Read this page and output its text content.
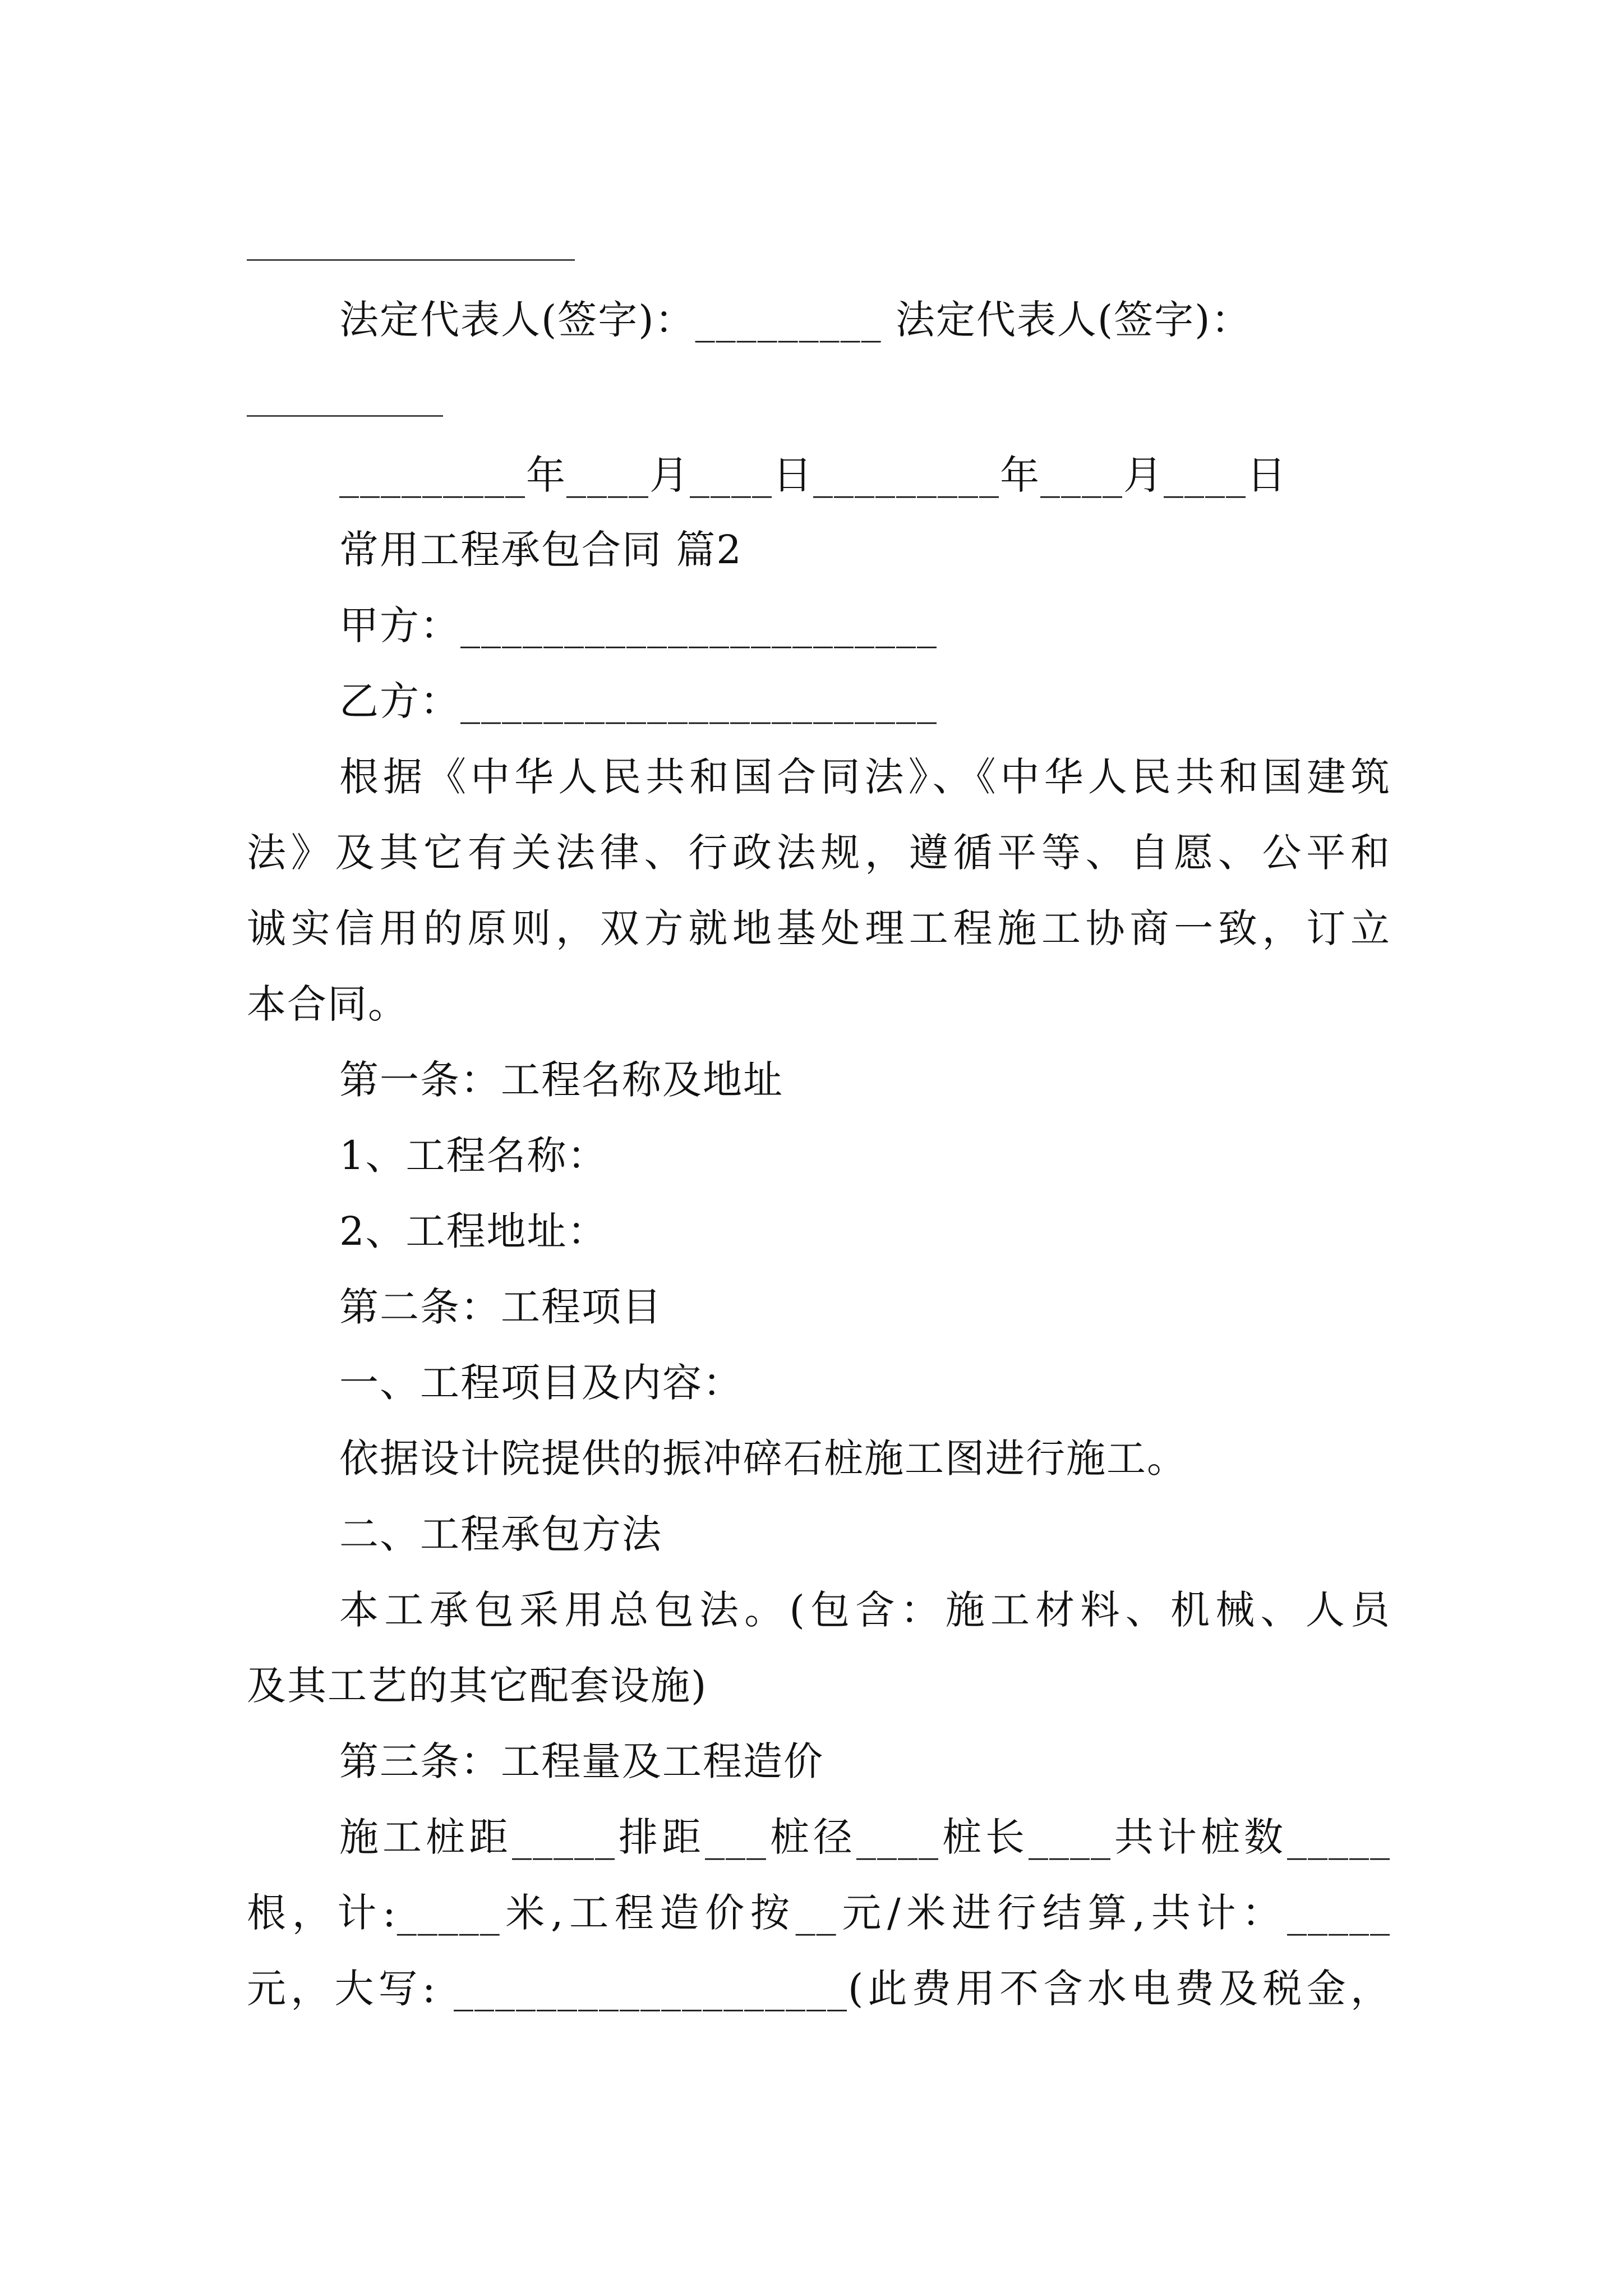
法定代表人(签字)：_________ 法定代表人(签字)：
_________年____月____日_________年____月____日
常用工程承包合同 篇2
甲方：_______________________
乙方：_______________________
根据《中华人民共和国合同法》、《中华人民共和国建筑
法》及其它有关法律、行政法规，遵循平等、自愿、公平和
诚实信用的原则，双方就地基处理工程施工协商一致，订立
本合同。
第一条：工程名称及地址
1、工程名称：
2、工程地址：
第二条：工程项目
一、工程项目及内容：
依据设计院提供的振冲碎石桩施工图进行施工。
二、工程承包方法
本工承包采用总包法。(包含：施工材料、机械、人员
及其工艺的其它配套设施)
第三条：工程量及工程造价
施工桩距_____排距___桩径____桩长____共计桩数_____
根，计:_____米,工程造价按__元/米进行结算,共计：_____
元，大写: ___________________(此费用不含水电费及税金，
